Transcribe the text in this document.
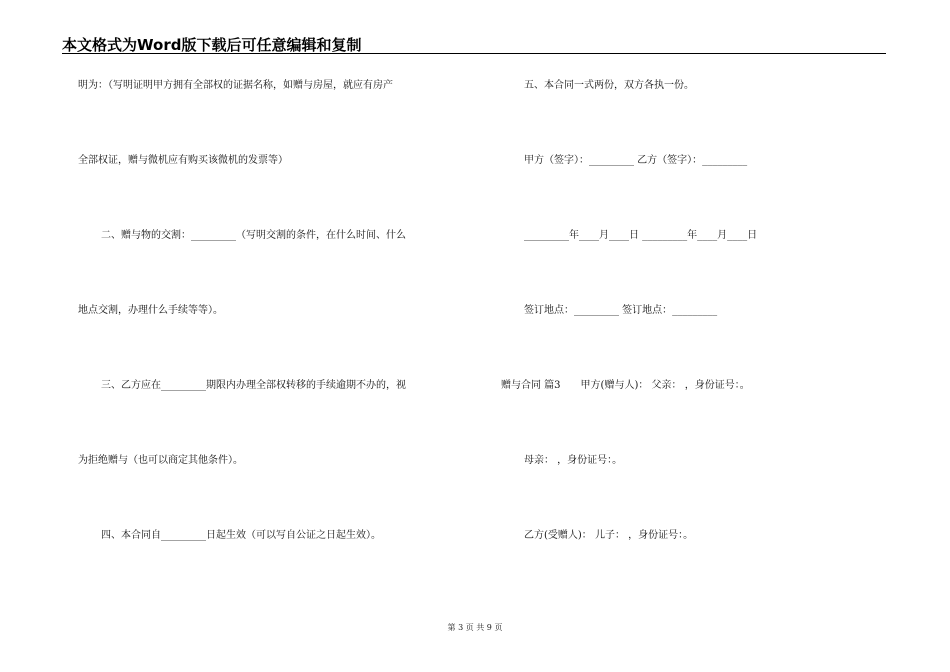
本文格式为Word版下载后可任意编辑和复制
明为：（写明证明甲方拥有全部权的证据名称，如赠与房屋，就应有房产
全部权证，赠与微机应有购买该微机的发票等）
二、赠与物的交割：_________（写明交割的条件，在什么时间、什么
地点交割，办理什么手续等等）。
三、乙方应在_________期限内办理全部权转移的手续逾期不办的，视
为拒绝赠与（也可以商定其他条件）。
四、本合同自_________日起生效（可以写自公证之日起生效）。
五、本合同一式两份，双方各执一份。
甲方（签字）：_________ 乙方（签字）：_________
_________年____月____日 _________年____月____日
签订地点：_________ 签订地点：_________
赠与合同 篇3　　甲方(赠与人)： 父亲： ，身份证号：。
母亲： ，身份证号：。
乙方(受赠人)： 儿子： ，身份证号：。
第 3 页 共 9 页
